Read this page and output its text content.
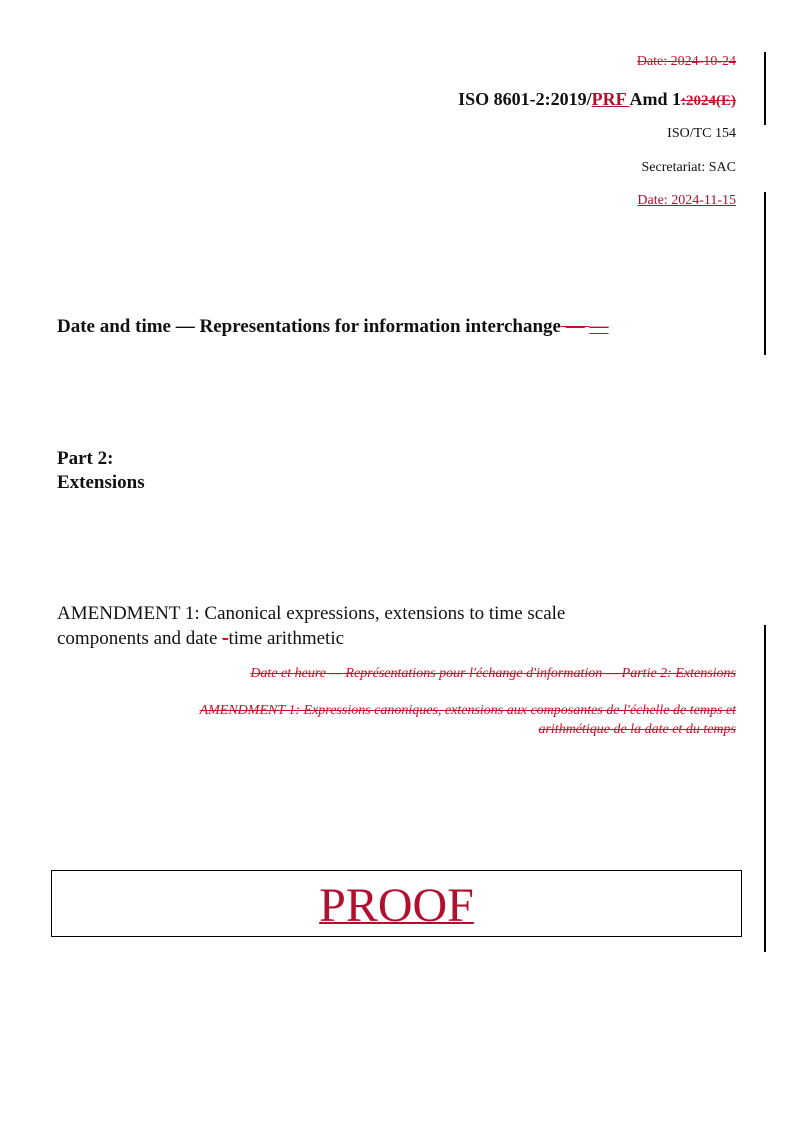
Date: 2024-10-24
ISO 8601-2:2019/PRF Amd 1:2024(E)
ISO/TC 154
Secretariat: SAC
Date: 2024-11-15
Date and time — Representations for information interchange — —
Part 2:
Extensions
AMENDMENT 1: Canonical expressions, extensions to time scale
components and date -time arithmetic
Date et heure — Représentations pour l'échange d'information — Partie 2: Extensions
AMENDMENT 1: Expressions canoniques, extensions aux composantes de l'échelle de temps et
arithmétique de la date et du temps
PROOF
